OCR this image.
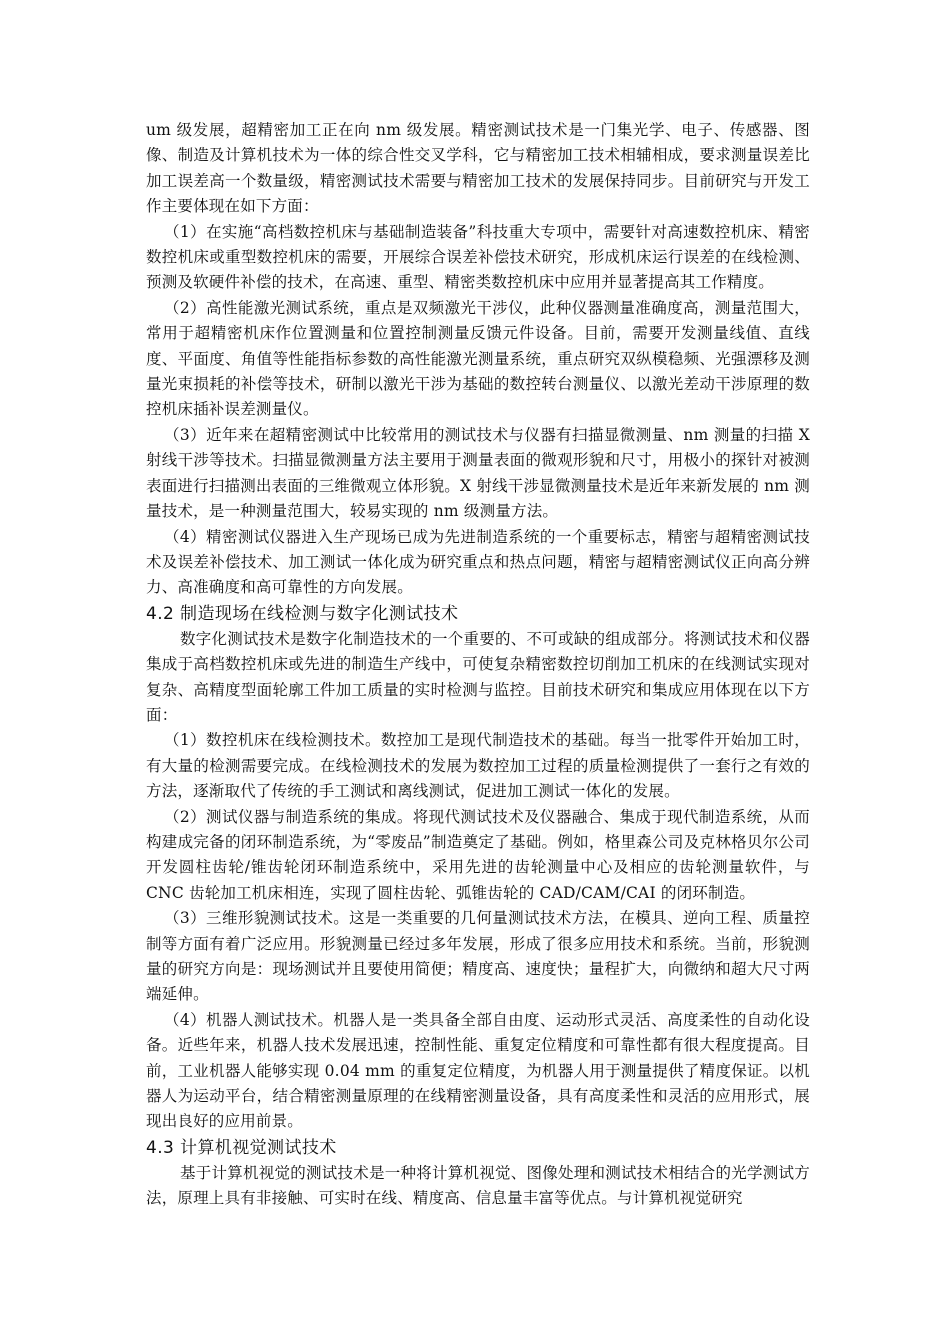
um 级发展，超精密加工正在向 nm 级发展。精密测试技术是一门集光学、电子、传感器、图像、制造及计算机技术为一体的综合性交叉学科，它与精密加工技术相辅相成，要求测量误差比加工误差高一个数量级，精密测试技术需要与精密加工技术的发展保持同步。目前研究与开发工作主要体现在如下方面：

（1）在实施“高档数控机床与基础制造装备”科技重大专项中，需要针对高速数控机床、精密数控机床或重型数控机床的需要，开展综合误差补偿技术研究，形成机床运行误差的在线检测、预测及软硬件补偿的技术，在高速、重型、精密类数控机床中应用并显著提高其工作精度。

（2）高性能激光测试系统，重点是双频激光干涉仪，此种仪器测量准确度高，测量范围大，常用于超精密机床作位置测量和位置控制测量反馈元件设备。目前，需要开发测量线值、直线度、平面度、角值等性能指标参数的高性能激光测量系统，重点研究双纵模稳频、光强漂移及测量光束损耗的补偿等技术，研制以激光干涉为基础的数控转台测量仪、以激光差动干涉原理的数控机床插补误差测量仪。

（3）近年来在超精密测试中比较常用的测试技术与仪器有扫描显微测量、nm 测量的扫描 X 射线干涉等技术。扫描显微测量方法主要用于测量表面的微观形貌和尺寸，用极小的探针对被测表面进行扫描测出表面的三维微观立体形貌。X 射线干涉显微测量技术是近年来新发展的 nm 测量技术，是一种测量范围大，较易实现的 nm 级测量方法。

（4）精密测试仪器进入生产现场已成为先进制造系统的一个重要标志，精密与超精密测试技术及误差补偿技术、加工测试一体化成为研究重点和热点问题，精密与超精密测试仪正向高分辨力、高准确度和高可靠性的方向发展。

4.2 制造现场在线检测与数字化测试技术

数字化测试技术是数字化制造技术的一个重要的、不可或缺的组成部分。将测试技术和仪器集成于高档数控机床或先进的制造生产线中，可使复杂精密数控切削加工机床的在线测试实现对复杂、高精度型面轮廓工件加工质量的实时检测与监控。目前技术研究和集成应用体现在以下方面：

（1）数控机床在线检测技术。数控加工是现代制造技术的基础。每当一批零件开始加工时，有大量的检测需要完成。在线检测技术的发展为数控加工过程的质量检测提供了一套行之有效的方法，逐渐取代了传统的手工测试和离线测试，促进加工测试一体化的发展。

（2）测试仪器与制造系统的集成。将现代测试技术及仪器融合、集成于现代制造系统，从而构建成完备的闭环制造系统，为“零废品”制造奠定了基础。例如，格里森公司及克林格贝尔公司开发圆柱齿轮/锥齿轮闭环制造系统中，采用先进的齿轮测量中心及相应的齿轮测量软件，与 CNC 齿轮加工机床相连，实现了圆柱齿轮、弧锥齿轮的 CAD/CAM/CAI 的闭环制造。

（3）三维形貌测试技术。这是一类重要的几何量测试技术方法，在模具、逆向工程、质量控制等方面有着广泛应用。形貌测量已经过多年发展，形成了很多应用技术和系统。当前，形貌测量的研究方向是：现场测试并且要使用简便；精度高、速度快；量程扩大，向微纳和超大尺寸两端延伸。

（4）机器人测试技术。机器人是一类具备全部自由度、运动形式灵活、高度柔性的自动化设备。近些年来，机器人技术发展迅速，控制性能、重复定位精度和可靠性都有很大程度提高。目前，工业机器人能够实现 0.04 mm 的重复定位精度，为机器人用于测量提供了精度保证。以机器人为运动平台，结合精密测量原理的在线精密测量设备，具有高度柔性和灵活的应用形式，展现出良好的应用前景。

4.3 计算机视觉测试技术

基于计算机视觉的测试技术是一种将计算机视觉、图像处理和测试技术相结合的光学测试方法，原理上具有非接触、可实时在线、精度高、信息量丰富等优点。与计算机视觉研究
